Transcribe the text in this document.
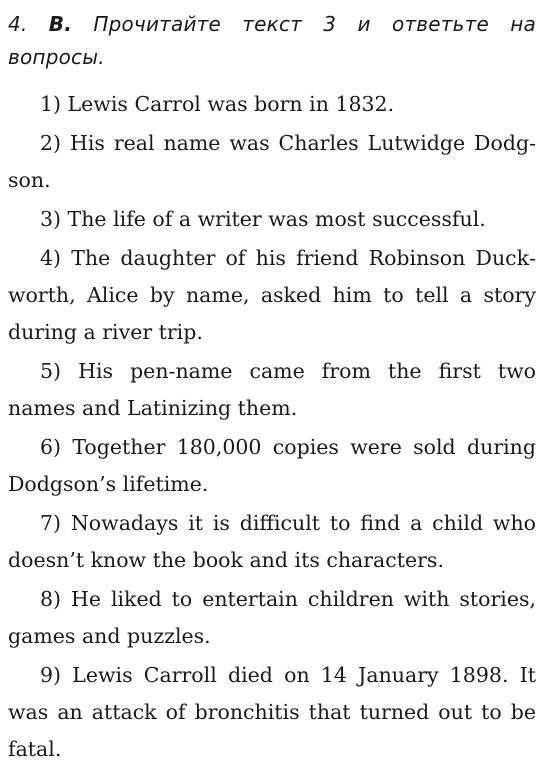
4. B. Прочитайте текст 3 и ответьте на вопросы.

1) Lewis Carrol was born in 1832.
2) His real name was Charles Lutwidge Dodgson.
3) The life of a writer was most successful.
4) The daughter of his friend Robinson Duckworth, Alice by name, asked him to tell a story during a river trip.
5) His pen-name came from the first two names and Latinizing them.
6) Together 180,000 copies were sold during Dodgson’s lifetime.
7) Nowadays it is difficult to find a child who doesn’t know the book and its characters.
8) He liked to entertain children with stories, games and puzzles.
9) Lewis Carroll died on 14 January 1898. It was an attack of bronchitis that turned out to be fatal.
